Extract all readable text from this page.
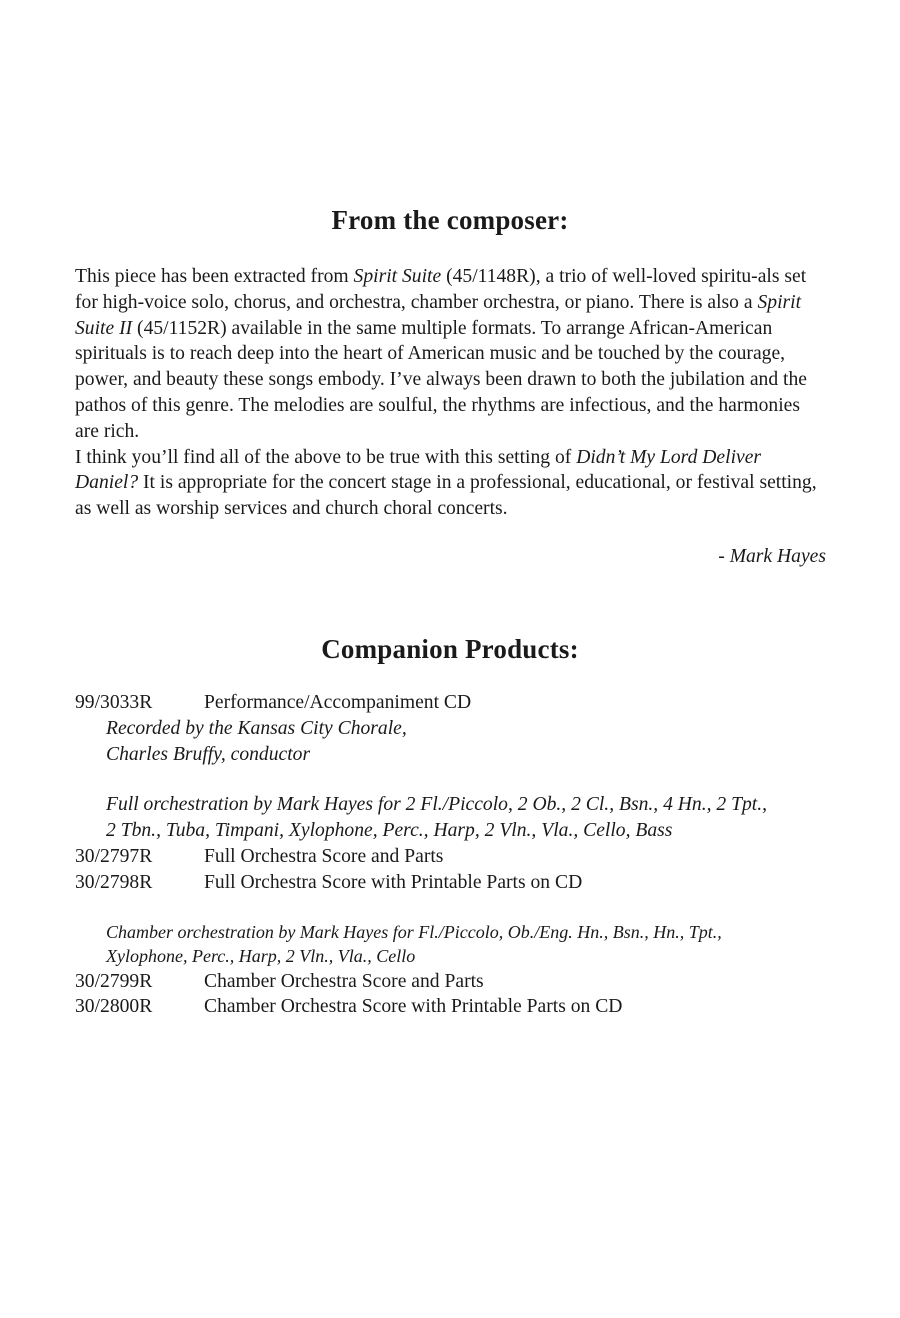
From the composer:

This piece has been extracted from Spirit Suite (45/1148R), a trio of well-loved spiritu-als set for high-voice solo, chorus, and orchestra, chamber orchestra, or piano. There is also a Spirit Suite II (45/1152R) available in the same multiple formats. To arrange African-American spirituals is to reach deep into the heart of American music and be touched by the courage, power, and beauty these songs embody. I’ve always been drawn to both the jubilation and the pathos of this genre. The melodies are soulful, the rhythms are infectious, and the harmonies are rich.

I think you’ll find all of the above to be true with this setting of Didn’t My Lord Deliver Daniel? It is appropriate for the concert stage in a professional, educational, or festival setting, as well as worship services and church choral concerts.

- Mark Hayes
Companion Products:
99/3033R	Performance/Accompaniment CD
Recorded by the Kansas City Chorale,
Charles Bruffy, conductor
Full orchestration by Mark Hayes for 2 Fl./Piccolo, 2 Ob., 2 Cl., Bsn., 4 Hn., 2 Tpt.,
2 Tbn., Tuba, Timpani, Xylophone, Perc., Harp, 2 Vln., Vla., Cello, Bass
30/2797R	Full Orchestra Score and Parts
30/2798R	Full Orchestra Score with Printable Parts on CD
Chamber orchestration by Mark Hayes for Fl./Piccolo, Ob./Eng. Hn., Bsn., Hn., Tpt.,
Xylophone, Perc., Harp, 2 Vln., Vla., Cello
30/2799R	Chamber Orchestra Score and Parts
30/2800R	Chamber Orchestra Score with Printable Parts on CD
